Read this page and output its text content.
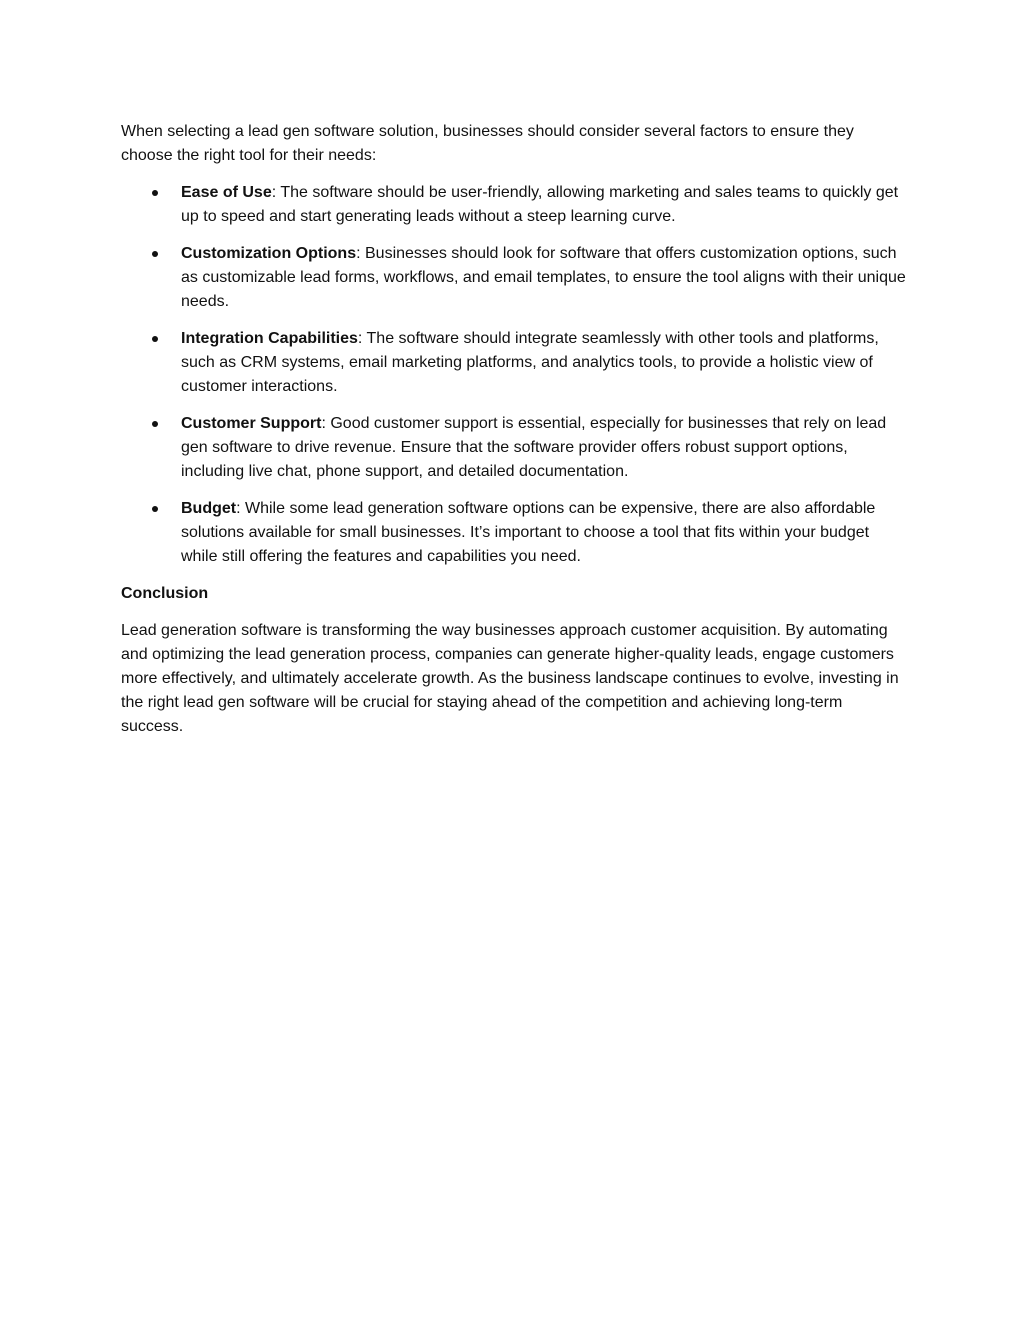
When selecting a lead gen software solution, businesses should consider several factors to ensure they choose the right tool for their needs:

Ease of Use: The software should be user-friendly, allowing marketing and sales teams to quickly get up to speed and start generating leads without a steep learning curve.
Customization Options: Businesses should look for software that offers customization options, such as customizable lead forms, workflows, and email templates, to ensure the tool aligns with their unique needs.
Integration Capabilities: The software should integrate seamlessly with other tools and platforms, such as CRM systems, email marketing platforms, and analytics tools, to provide a holistic view of customer interactions.
Customer Support: Good customer support is essential, especially for businesses that rely on lead gen software to drive revenue. Ensure that the software provider offers robust support options, including live chat, phone support, and detailed documentation.
Budget: While some lead generation software options can be expensive, there are also affordable solutions available for small businesses. It’s important to choose a tool that fits within your budget while still offering the features and capabilities you need.

Conclusion

Lead generation software is transforming the way businesses approach customer acquisition. By automating and optimizing the lead generation process, companies can generate higher-quality leads, engage customers more effectively, and ultimately accelerate growth. As the business landscape continues to evolve, investing in the right lead gen software will be crucial for staying ahead of the competition and achieving long-term success.
